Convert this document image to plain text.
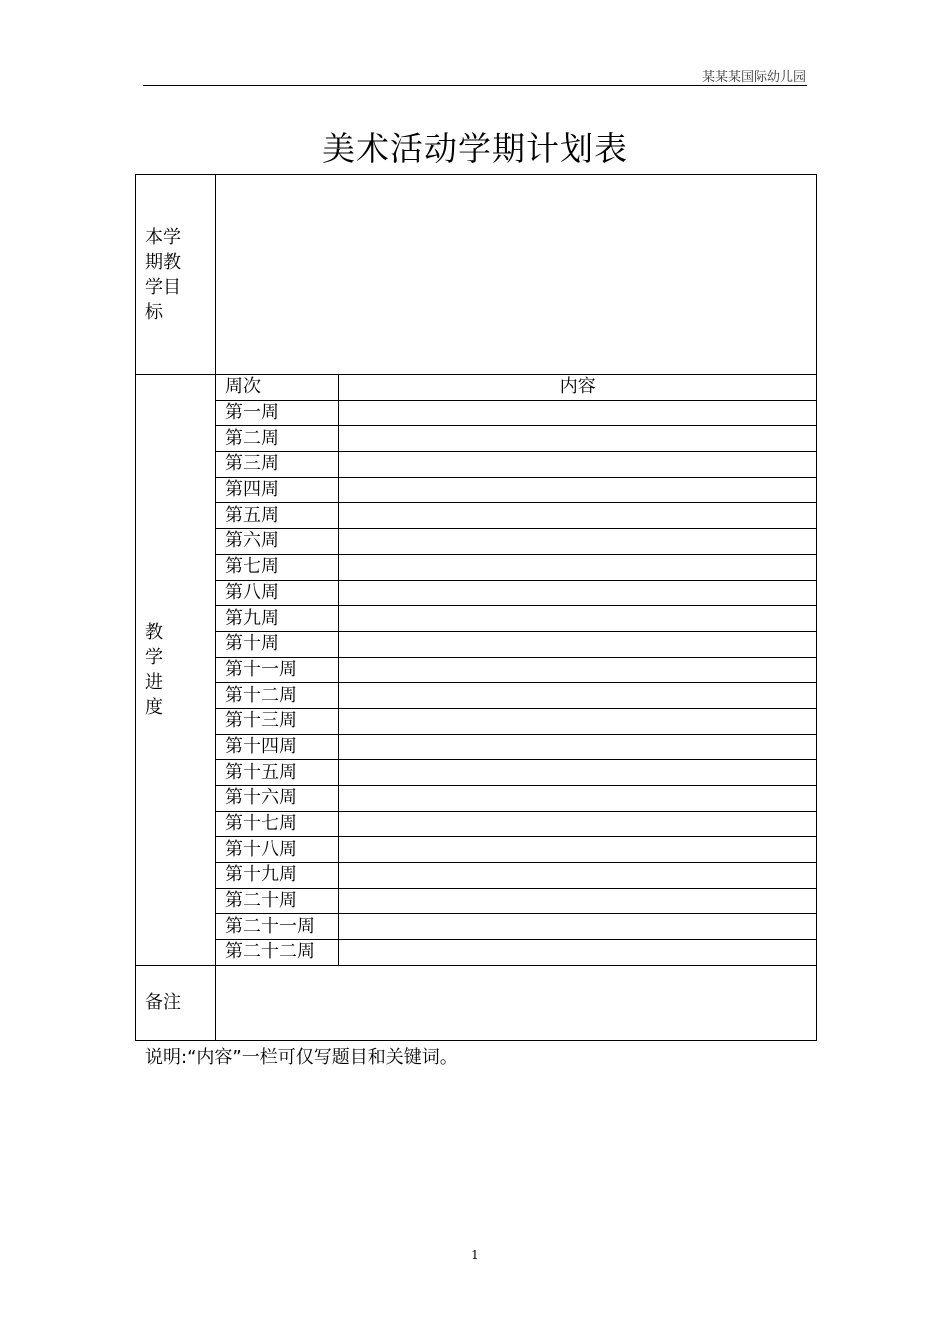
某某某国际幼儿园
美术活动学期计划表
本学
期教
学目
标

教
学
进
度

周次	内容
第一周	
第二周	
第三周	
第四周	
第五周	
第六周	
第七周	
第八周	
第九周	
第十周	
第十一周	
第十二周	
第十三周	
第十四周	
第十五周	
第十六周	
第十七周	
第十八周	
第十九周	
第二十周	
第二十一周	
第二十二周	

备注	
说明:“内容”一栏可仅写题目和关键词。
1
